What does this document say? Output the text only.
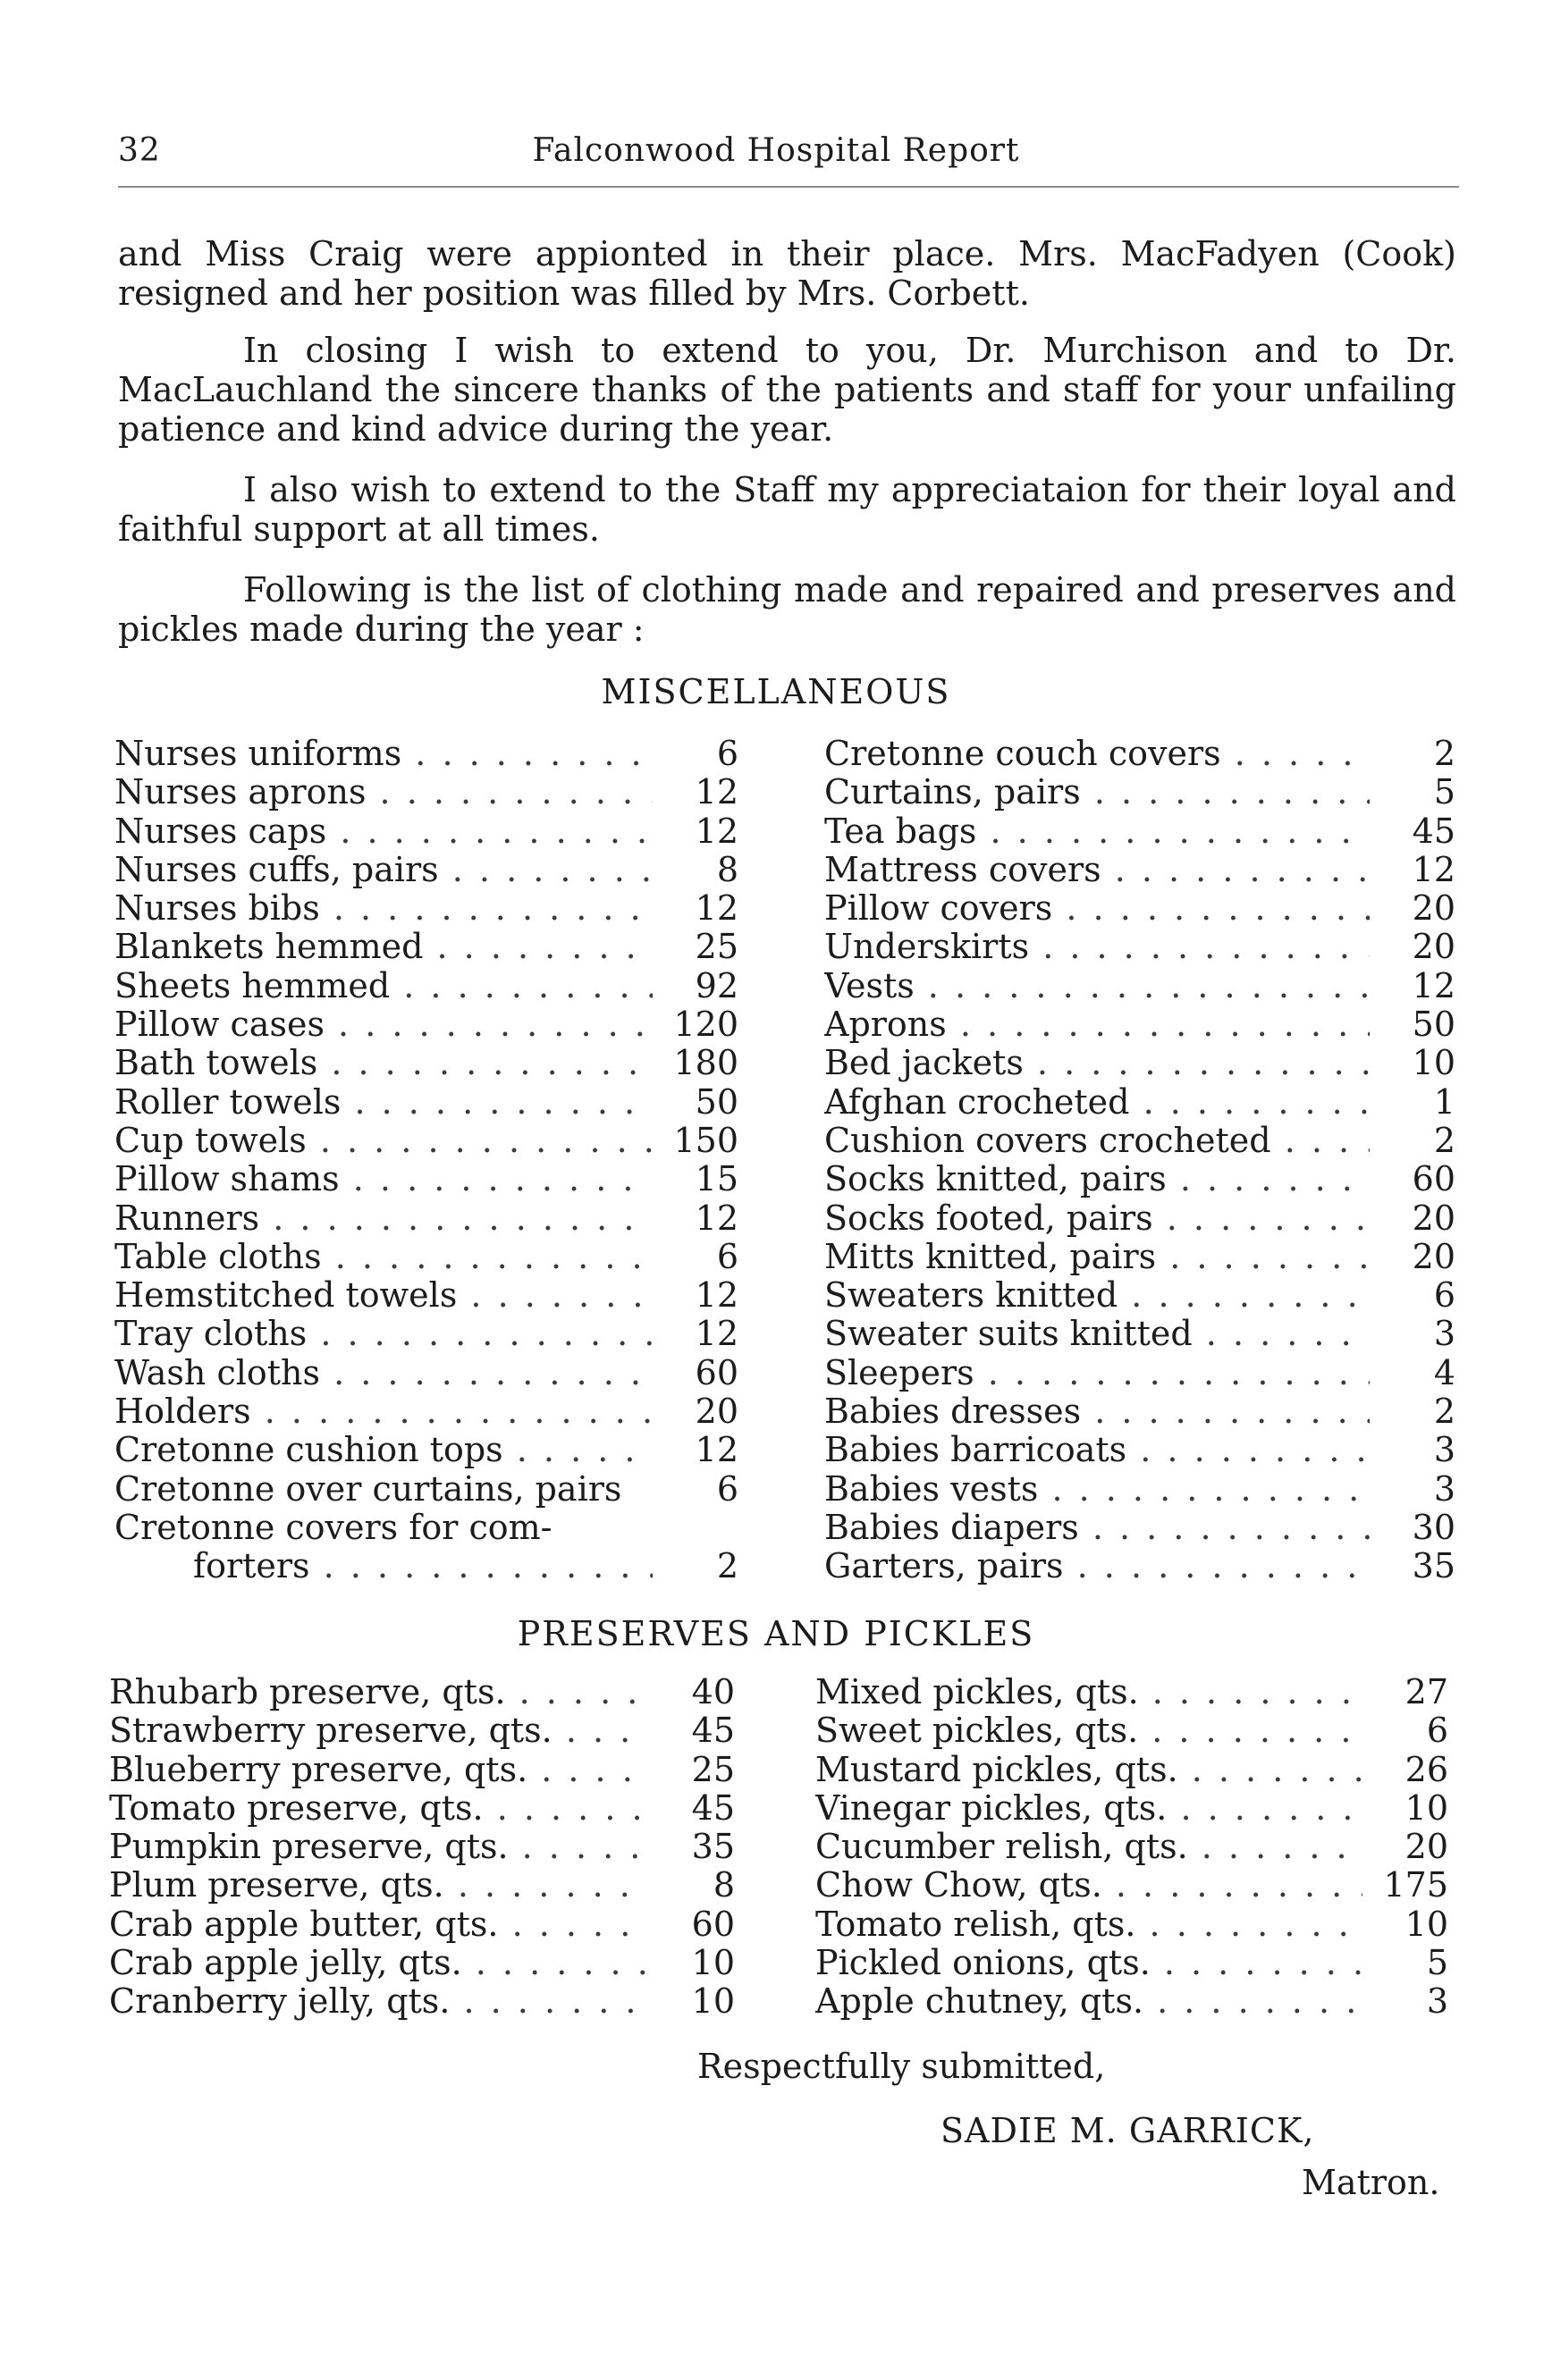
32	Falconwood Hospital Report

and Miss Craig were appionted in their place. Mrs. MacFadyen (Cook) resigned and her position was filled by Mrs. Corbett.

In closing I wish to extend to you, Dr. Murchison and to Dr. MacLauchland the sincere thanks of the patients and staff for your unfailing patience and kind advice during the year.

I also wish to extend to the Staff my appreciataion for their loyal and faithful support at all times.

Following is the list of clothing made and repaired and preserves and pickles made during the year :

MISCELLANEOUS
Nurses uniforms . . .	6
Nurses aprons . . .	12
Nurses caps . . .	12
Nurses cuffs, pairs . . .	8
Nurses bibs . . .	12
Blankets hemmed . . .	25
Sheets hemmed . . .	92
Pillow cases . . .	120
Bath towels . . .	180
Roller towels . . .	50
Cup towels . . .	150
Pillow shams . . .	15
Runners . . .	12
Table cloths . . .	6
Hemstitched towels . . .	12
Tray cloths . . .	12
Wash cloths . . .	60
Holders . . .	20
Cretonne cushion tops . . .	12
Cretonne over curtains, pairs	6
Cretonne covers for com-
forters . . .	2
Cretonne couch covers . . .	2
Curtains, pairs . . .	5
Tea bags . . .	45
Mattress covers . . .	12
Pillow covers . . .	20
Underskirts . . .	20
Vests . . .	12
Aprons . . .	50
Bed jackets . . .	10
Afghan crocheted . . .	1
Cushion covers crocheted . . .	2
Socks knitted, pairs . . .	60
Socks footed, pairs . . .	20
Mitts knitted, pairs . . .	20
Sweaters knitted . . .	6
Sweater suits knitted . . .	3
Sleepers . . .	4
Babies dresses . . .	2
Babies barricoats . . .	3
Babies vests . . .	3
Babies diapers . . .	30
Garters, pairs . . .	35
PRESERVES AND PICKLES
Rhubarb preserve, qts. . . .	40
Strawberry preserve, qts. . . .	45
Blueberry preserve, qts. . . .	25
Tomato preserve, qts. . . .	45
Pumpkin preserve, qts. . . .	35
Plum preserve, qts. . . .	8
Crab apple butter, qts. . . .	60
Crab apple jelly, qts. . . .	10
Cranberry jelly, qts. . . .	10
Mixed pickles, qts. . . .	27
Sweet pickles, qts. . . .	6
Mustard pickles, qts. . . .	26
Vinegar pickles, qts. . . .	10
Cucumber relish, qts. . . .	20
Chow Chow, qts. . . .	175
Tomato relish, qts. . . .	10
Pickled onions, qts. . . .	5
Apple chutney, qts. . . .	3
Respectfully submitted,
SADIE M. GARRICK,
Matron.
